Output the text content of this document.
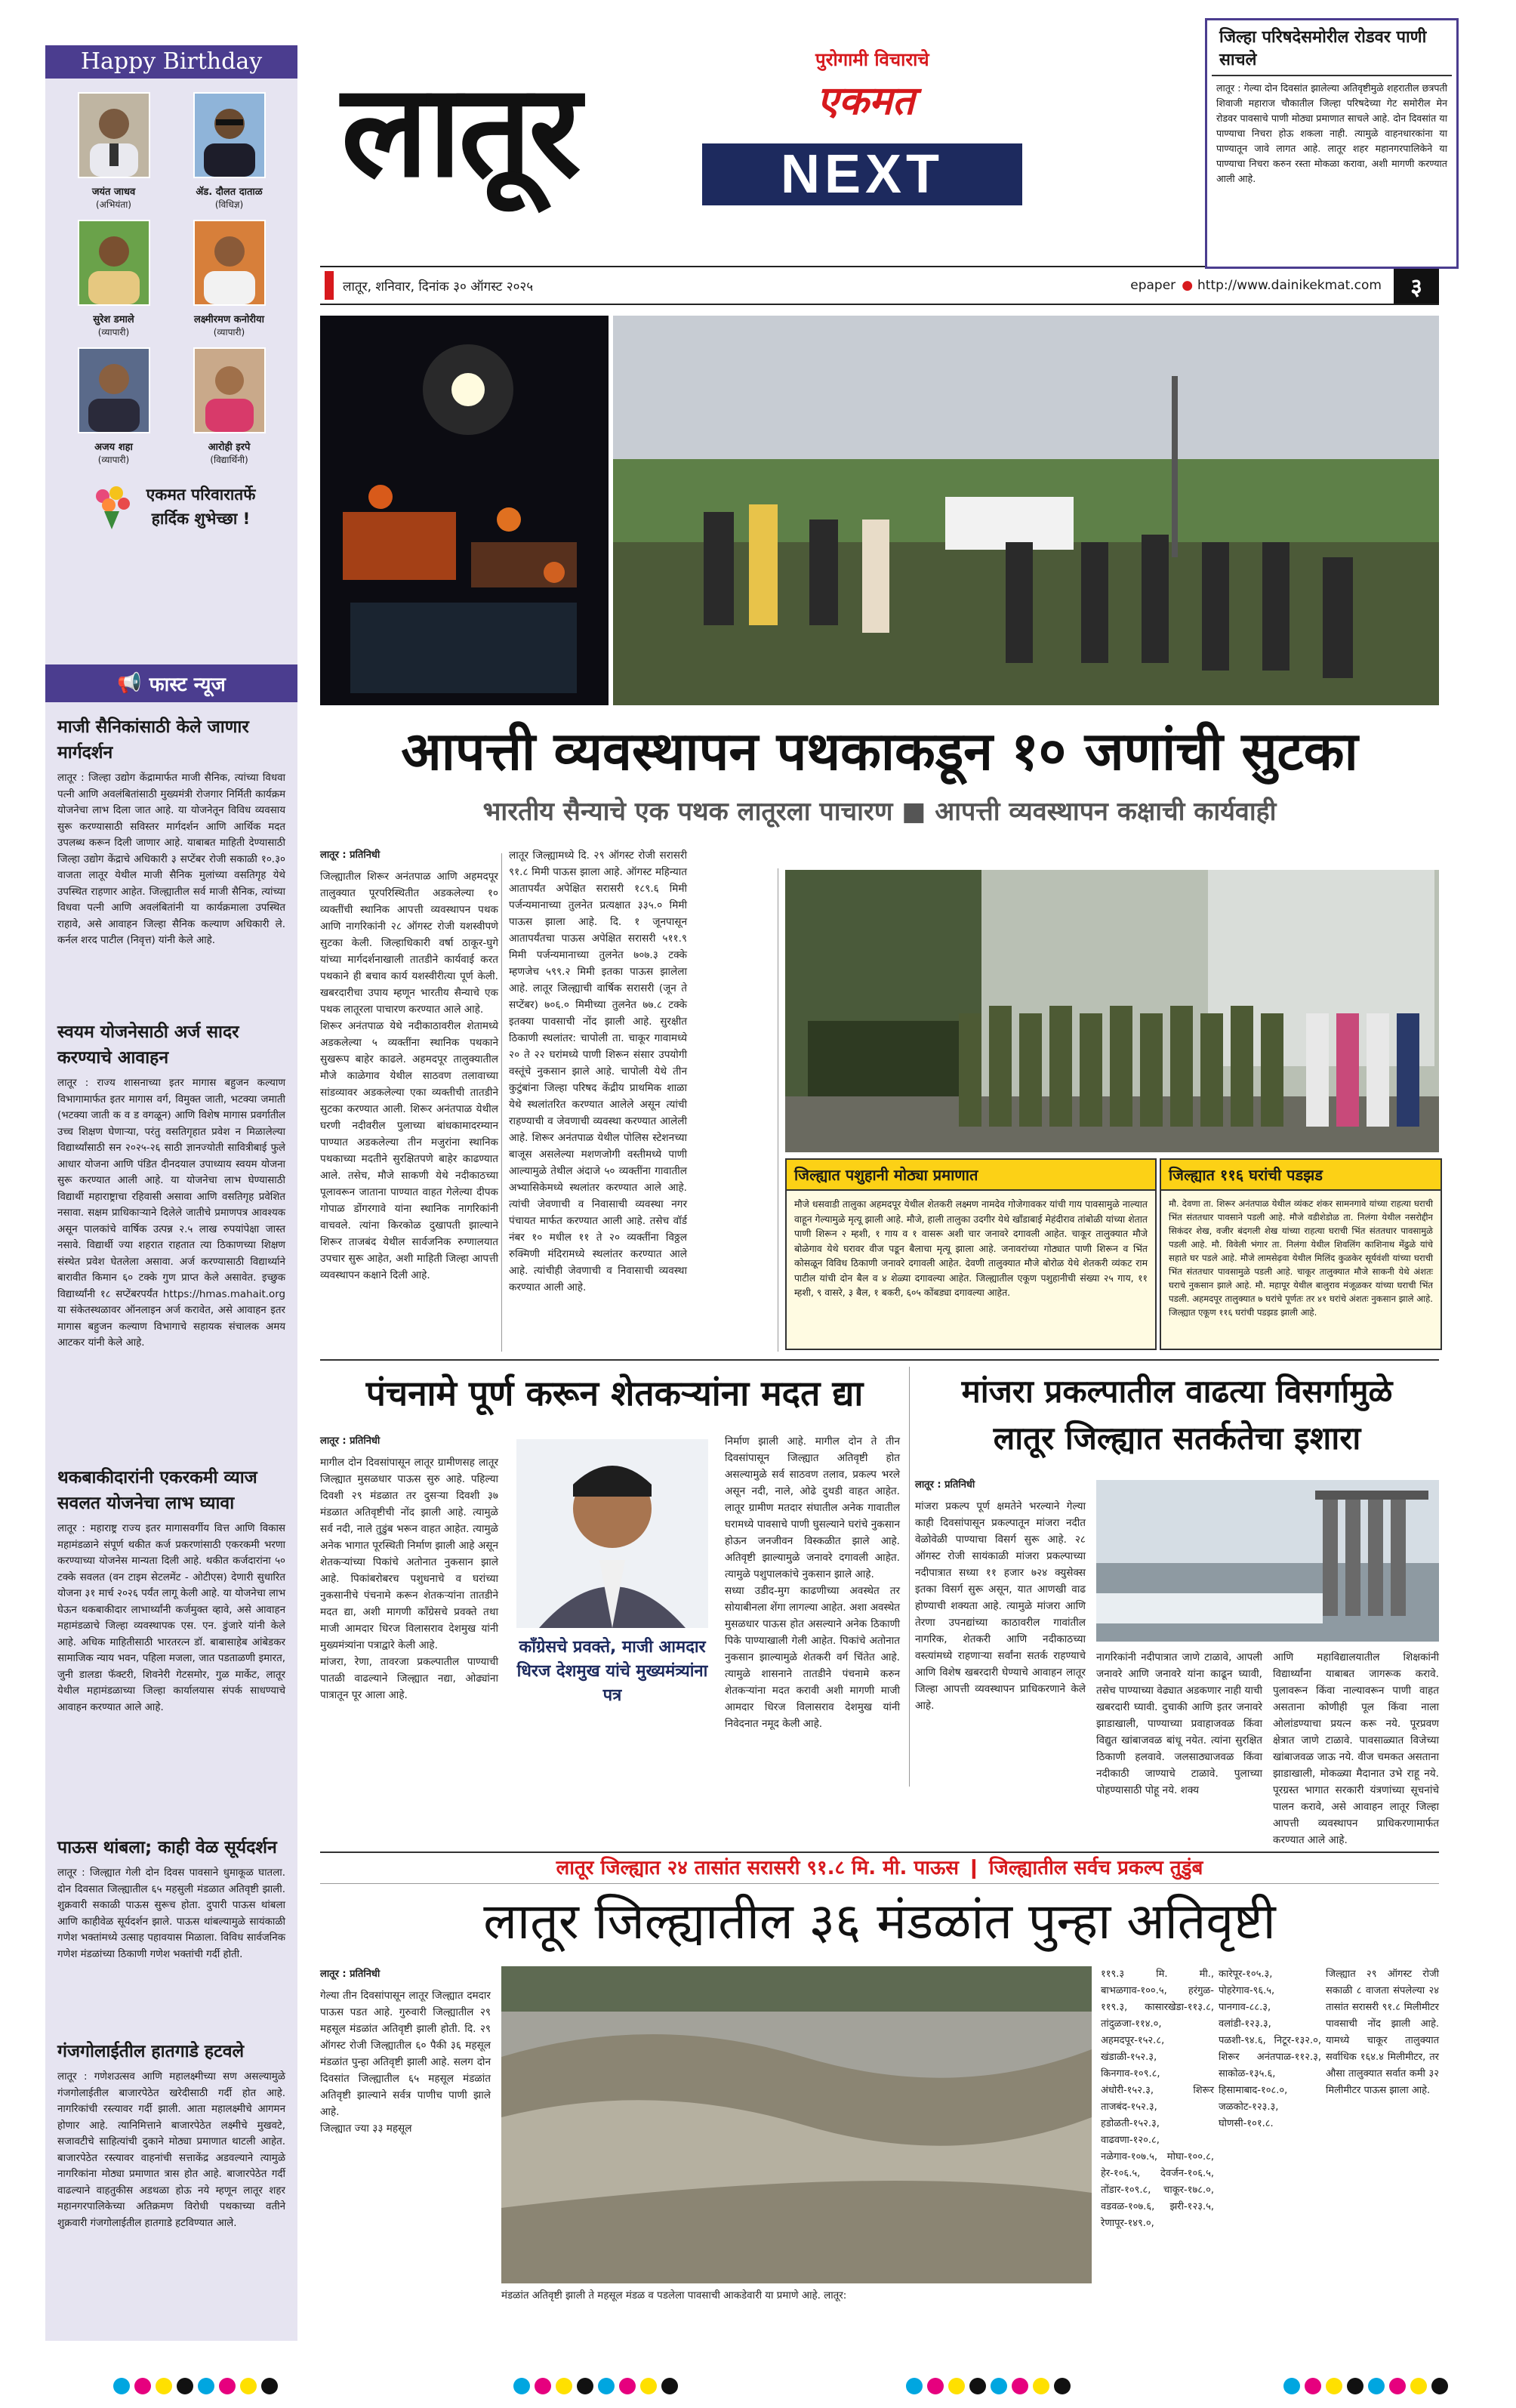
Happy Birthday
जयंत जाधव
(अभियंता)
ॲड. दौलत दाताळ
(विधिज्ञ)
सुरेश डमाले
(व्यापारी)
लक्ष्मीरमण कनोरीया
(व्यापारी)
अजय शहा
(व्यापारी)
आरोही इरपे
(विद्यार्थिनी)
एकमत परिवारातर्फे
हार्दिक शुभेच्छा !
📢 फास्ट न्यूज
माजी सैनिकांसाठी केले जाणार मार्गदर्शन
लातूर : जिल्हा उद्योग केंद्रामार्फत माजी सैनिक, त्यांच्या विधवा पत्नी आणि अवलंबितांसाठी मुख्यमंत्री रोजगार निर्मिती कार्यक्रम योजनेचा लाभ दिला जात आहे. या योजनेतून विविध व्यवसाय सुरू करण्यासाठी सविस्तर मार्गदर्शन आणि आर्थिक मदत उपलब्ध करून दिली जाणार आहे. याबाबत माहिती देण्यासाठी जिल्हा उद्योग केंद्राचे अधिकारी ३ सप्टेंबर रोजी सकाळी १०.३० वाजता लातूर येथील माजी सैनिक मुलांच्या वसतिगृह येथे उपस्थित राहणार आहेत. जिल्ह्यातील सर्व माजी सैनिक, त्यांच्या विधवा पत्नी आणि अवलंबितांनी या कार्यक्रमाला उपस्थित राहावे, असे आवाहन जिल्हा सैनिक कल्याण अधिकारी ले. कर्नल शरद पाटील (निवृत्त) यांनी केले आहे.
स्वयम योजनेसाठी अर्ज सादर करण्याचे आवाहन
लातूर : राज्य शासनाच्या इतर मागास बहुजन कल्याण विभागामार्फत इतर मागास वर्ग, विमुक्त जाती, भटक्या जमाती (भटक्या जाती क व ड वगळून) आणि विशेष मागास प्रवर्गातील उच्च शिक्षण घेणाऱ्या, परंतु वसतिगृहात प्रवेश न मिळालेल्या विद्यार्थ्यांसाठी सन २०२५-२६ साठी ज्ञानज्योती सावित्रीबाई फुले आधार योजना आणि पंडित दीनदयाल उपाध्याय स्वयम योजना सुरू करण्यात आली आहे. या योजनेचा लाभ घेण्यासाठी विद्यार्थी महाराष्ट्राचा रहिवासी असावा आणि वसतिगृह प्रवेशित नसावा. सक्षम प्राधिकाऱ्याने दिलेले जातीचे प्रमाणपत्र आवश्यक असून पालकांचे वार्षिक उत्पन्न २.५ लाख रुपयांपेक्षा जास्त नसावे. विद्यार्थी ज्या शहरात राहतात त्या ठिकाणच्या शिक्षण संस्थेत प्रवेश घेतलेला असावा. अर्ज करण्यासाठी विद्यार्थ्याने बारावीत किमान ६० टक्के गुण प्राप्त केले असावेत. इच्छुक विद्यार्थ्यांनी १८ सप्टेंबरपर्यंत https://hmas.mahait.org या संकेतस्थळावर ऑनलाइन अर्ज करावेत, असे आवाहन इतर मागास बहुजन कल्याण विभागाचे सहायक संचालक अमय आटकर यांनी केले आहे.
थकबाकीदारांनी एकरकमी व्याज सवलत योजनेचा लाभ घ्यावा
लातूर : महाराष्ट्र राज्य इतर मागासवर्गीय वित्त आणि विकास महामंडळाने संपूर्ण थकीत कर्ज प्रकरणांसाठी एकरकमी भरणा करण्याच्या योजनेस मान्यता दिली आहे. थकीत कर्जदारांना ५० टक्के सवलत (वन टाइम सेटलमेंट - ओटीएस) देणारी सुधारित योजना ३१ मार्च २०२६ पर्यंत लागू केली आहे. या योजनेचा लाभ घेऊन थकबाकीदार लाभार्थ्यांनी कर्जमुक्त व्हावे, असे आवाहन महामंडळाचे जिल्हा व्यवस्थापक एस. एन. डुंजारे यांनी केले आहे. अधिक माहितीसाठी भारतरत्न डॉ. बाबासाहेब आंबेडकर सामाजिक न्याय भवन, पहिला मजला, जात पडताळणी इमारत, जुनी डालडा फॅक्टरी, शिवनेरी गेटसमोर, गुळ मार्केट, लातूर येथील महामंडळाच्या जिल्हा कार्यालयास संपर्क साधण्याचे आवाहन करण्यात आले आहे.
पाऊस थांबला; काही वेळ सूर्यदर्शन
लातूर : जिल्ह्यात गेली दोन दिवस पावसाने धुमाकूळ घातला. दोन दिवसात जिल्ह्यातील ६५ महसुली मंडळात अतिवृष्टी झाली. शुक्रवारी सकाळी पाऊस सुरूच होता. दुपारी पाऊस थांबला आणि काहीवेळ सूर्यदर्शन झाले. पाऊस थांबल्यामुळे सायंकाळी गणेश भक्तांमध्ये उत्साह पहावयास मिळाला. विविध सार्वजनिक गणेश मंडळांच्या ठिकाणी गणेश भक्तांची गर्दी होती.
गंजगोलाईतील हातगाडे हटवले
लातूर : गणेशउत्सव आणि महालक्ष्मीच्या सण असल्यामुळे गंजगोलाईतील बाजारपेठेत खरेदीसाठी गर्दी होत आहे. नागरिकांची रस्त्यावर गर्दी झाली. आता महालक्ष्मीचे आगमन होणार आहे. त्यानिमित्ताने बाजारपेठेत लक्ष्मीचे मुखवटे, सजावटीचे साहित्यांची दुकाने मोठ्या प्रमाणात थाटली आहेत. बाजारपेठेत रस्त्यावर वाहनांची सत्ताकेंद्र अडवल्याने त्यामुळे नागरिकांना मोठ्या प्रमाणात त्रास होत आहे. बाजारपेठेत गर्दी वाढल्याने वाहतुकीस अडथळा होऊ नये म्हणून लातूर शहर महानगरपालिकेच्या अतिक्रमण विरोधी पथकाच्या वतीने शुक्रवारी गंजगोलाईतील हातगाडे हटविण्यात आले.
लातूर	पुरोगामी विचाराचे
एकमत
NEXT
लातूर, शनिवार, दिनांक ३० ऑगस्ट २०२५	epaper ● http://www.dainikekmat.com	३
जिल्हा परिषदेसमोरील रोडवर पाणी साचले
लातूर : गेल्या दोन दिवसांत झालेल्या अतिवृष्टीमुळे शहरातील छत्रपती शिवाजी महाराज चौकातील जिल्हा परिषदेच्या गेट समोरील मेन रोडवर पावसाचे पाणी मोठ्या प्रमाणात साचले आहे. दोन दिवसांत या पाण्याचा निचरा होऊ शकला नाही. त्यामुळे वाहनधारकांना या पाण्यातून जावे लागत आहे. लातूर शहर महानगरपालिकेने या पाण्याचा निचरा करुन रस्ता मोकळा करावा, अशी मागणी करण्यात आली आहे.
आपत्ती व्यवस्थापन पथकाकडून १० जणांची सुटका
भारतीय सैन्याचे एक पथक लातूरला पाचारण ■ आपत्ती व्यवस्थापन कक्षाची कार्यवाही
लातूर : प्रतिनिधी
जिल्ह्यातील शिरूर अनंतपाळ आणि अहमदपूर तालुक्यात पूरपरिस्थितीत अडकलेल्या १० व्यक्तींची स्थानिक आपत्ती व्यवस्थापन पथक आणि नागरिकांनी २८ ऑगस्ट रोजी यशस्वीपणे सुटका केली. जिल्हाधिकारी वर्षा ठाकूर-घुगे यांच्या मार्गदर्शनाखाली तातडीने कार्यवाई करत पथकाने ही बचाव कार्य यशस्वीरीत्या पूर्ण केली. खबरदारीचा उपाय म्हणून भारतीय सैन्याचे एक पथक लातूरला पाचारण करण्यात आले आहे.
शिरूर अनंतपाळ येथे नदीकाठावरील शेतामध्ये अडकलेल्या ५ व्यक्तींना स्थानिक पथकाने सुखरूप बाहेर काढले. अहमदपूर तालुक्यातील मौजे काळेगाव येथील साठवण तलावाच्या सांडव्यावर अडकलेल्या एका व्यक्तीची तातडीने सुटका करण्यात आली. शिरूर अनंतपाळ येथील घरणी नदीवरील पुलाच्या बांधकामादरम्यान पाण्यात अडकलेल्या तीन मजुरांना स्थानिक पथकाच्या मदतीने सुरक्षितपणे बाहेर काढण्यात आले. तसेच, मौजे साकणी येथे नदीकाठच्या पूलावरून जाताना पाण्यात वाहत गेलेल्या दीपक गोपाळ डोंगरगावे यांना स्थानिक नागरिकांनी वाचवले. त्यांना किरकोळ दुखापती झाल्याने शिरूर ताजबंद येथील सार्वजनिक रुग्णालयात उपचार सुरू आहेत, अशी माहिती जिल्हा आपत्ती व्यवस्थापन कक्षाने दिली आहे.
लातूर जिल्ह्यामध्ये दि. २९ ऑगस्ट रोजी सरासरी ९१.८ मिमी पाऊस झाला आहे. ऑगस्ट महिन्यात आतापर्यंत अपेक्षित सरासरी १८९.६ मिमी पर्जन्यमानाच्या तुलनेत प्रत्यक्षात ३३५.० मिमी पाऊस झाला आहे. दि. १ जूनपासून आतापर्यंतचा पाऊस अपेक्षित सरासरी ५११.९ मिमी पर्जन्यमानाच्या तुलनेत ७०७.३ टक्के म्हणजेच ५९९.२ मिमी इतका पाऊस झालेला आहे. लातूर जिल्ह्याची वार्षिक सरासरी (जून ते सप्टेंबर) ७०६.० मिमीच्या तुलनेत ७७.८ टक्के इतक्या पावसाची नोंद झाली आहे. सुरक्षीत ठिकाणी स्थलांतर: चापोली ता. चाकूर गावामध्ये २० ते २२ घरांमध्ये पाणी शिरून संसार उपयोगी वस्तूंचे नुकसान झाले आहे. चापोली येथे तीन कुटुंबांना जिल्हा परिषद केंद्रीय प्राथमिक शाळा येथे स्थलांतरित करण्यात आलेले असून त्यांची राहण्याची व जेवणाची व्यवस्था करण्यात आलेली आहे. शिरूर अनंतपाळ येथील पोलिस स्टेशनच्या बाजूस असलेल्या मशणजोगी वस्तीमध्ये पाणी आल्यामुळे तेथील अंदाजे ५० व्यक्तींना गावातील अभ्यासिकेमध्ये स्थलांतर करण्यात आले आहे. त्यांची जेवणाची व निवासाची व्यवस्था नगर पंचायत मार्फत करण्यात आली आहे. तसेच वॉर्ड नंबर १० मधील ११ ते २० व्यक्तींना विठ्ठल रुक्मिणी मंदिरामध्ये स्थलांतर करण्यात आले आहे. त्यांचीही जेवणाची व निवासाची व्यवस्था करण्यात आली आहे.
जिल्ह्यात पशुहानी मोठ्या प्रमाणात
मौजे धसवाडी तालुका अहमदपूर येथील शेतकरी लक्ष्मण नामदेव गोजेगावकर यांची गाय पावसामुळे नाल्यात वाहून गेल्यामुळे मृत्यू झाली आहे. मौजे, हाली तालुका उदगीर येथे खाँडाबाई मेहंदीराव तांबोळी यांच्या शेतात पाणी शिरून २ म्हशी, १ गाय व १ वासरू अशी चार जनावरे दगावली आहेत. चाकूर तालुक्यात मौजे बोळेगाव येथे घरावर वीज पडून बैलाचा मृत्यू झाला आहे. जनावरांच्या गोठ्यात पाणी शिरून व भिंत कोसळून विविध ठिकाणी जनावरे दगावली आहेत. देवणी तालुक्यात मौजे बोरोळ येथे शेतकरी व्यंकट राम पाटील यांची दोन बैल व ४ शेळ्या दगावल्या आहेत. जिल्ह्यातील एकूण पशुहानीची संख्या २५ गाय, ११ म्हशी, ९ वासरे, ३ बैल, १ बकरी, ६०५ कोंबड्या दगावल्या आहेत.
जिल्ह्यात ११६ घरांची पडझड
मौ. देवणा ता. शिरूर अनंतपाळ येथील व्यंकट शंकर सामनगावे यांच्या राहत्या घराची भिंत संततधार पावसाने पडली आहे. मौजे वडीशेडोळ ता. निलंगा येथील नसरोद्दीन सिकंदर शेख, वजीर बंदगली शेख यांच्या राहत्या घराची भिंत संततधार पावसामुळे पडली आहे. मौ. विवेली भंगार ता. निलंगा येथील शिवलिंग काशिनाथ मेंढुळे यांचे सहाते घर पडले आहे. मौजे लामसेढ़वा येथील मिलिंद कुळकेर सूर्यवंशी यांच्या घराची भिंत संततधार पावसामुळे पडली आहे. चाकूर तालुक्यात मौजे साकनी येथे अंशतः घराचे नुकसान झाले आहे. मौ. महापूर येथील बालुराव मंजूळकर यांच्या घराची भिंत पडली. अहमदपूर तालुक्यात ७ घरांचे पूर्णतः तर ४१ घरांचे अंशतः नुकसान झाले आहे. जिल्ह्यात एकूण ११६ घरांची पडझड झाली आहे.
पंचनामे पूर्ण करून शेतकऱ्यांना मदत द्या
लातूर : प्रतिनिधी
मागील दोन दिवसांपासून लातूर ग्रामीणसह लातूर जिल्ह्यात मुसळधार पाऊस सुरु आहे. पहिल्या दिवशी २९ मंडळात तर दुसऱ्या दिवशी ३७ मंडळात अतिवृष्टीची नोंद झाली आहे. त्यामुळे सर्व नदी, नाले तुडुंब भरून वाहत आहेत. त्यामुळे अनेक भागात पूरस्थिती निर्माण झाली आहे असून शेतकऱ्यांच्या पिकांचे अतोनात नुकसान झाले आहे. पिकांबरोबरच पशुधनाचे व घरांच्या नुकसानीचे पंचनामे करून शेतकऱ्यांना तातडीने मदत द्या, अशी मागणी काँग्रेसचे प्रवक्ते तथा माजी आमदार धिरज विलासराव देशमुख यांनी मुख्यमंत्र्यांना पत्राद्वारे केली आहे.
मांजरा, रेणा, तावरजा प्रकल्पातील पाण्याची पातळी वाढल्याने जिल्ह्यात नद्या, ओढ्यांना पात्रातून पूर आला आहे.
काँग्रेसचे प्रवक्ते, माजी आमदार धिरज देशमुख यांचे मुख्यमंत्र्यांना पत्र
निर्माण झाली आहे. मागील दोन ते तीन दिवसांपासून जिल्ह्यात अतिवृष्टी होत असल्यामुळे सर्व साठवण तलाव, प्रकल्प भरले असून नदी, नाले, ओढे दुथडी वाहत आहेत. लातूर ग्रामीण मतदार संघातील अनेक गावातील घरामध्ये पावसाचे पाणी घुसल्याने घरांचे नुकसान होऊन जनजीवन विस्कळीत झाले आहे. अतिवृष्टी झाल्यामुळे जनावरे दगावली आहेत. त्यामुळे पशुपालकांचे नुकसान झाले आहे.
सध्या उडीद-मुग काढणीच्या अवस्थेत तर सोयाबीनला शेंगा लागल्या आहेत. अशा अवस्थेत मुसळधार पाऊस होत असल्याने अनेक ठिकाणी पिके पाण्याखाली गेली आहेत. पिकांचे अतोनात नुकसान झाल्यामुळे शेतकरी वर्ग चिंतेत आहे. त्यामुळे शासनाने तातडीने पंचनामे करुन शेतकऱ्यांना मदत करावी अशी मागणी माजी आमदार धिरज विलासराव देशमुख यांनी निवेदनात नमूद केली आहे.
मांजरा प्रकल्पातील वाढत्या विसर्गामुळे
लातूर जिल्ह्यात सतर्कतेचा इशारा
लातूर : प्रतिनिधी
मांजरा प्रकल्प पूर्ण क्षमतेने भरल्याने गेल्या काही दिवसांपासून प्रकल्पातून मांजरा नदीत वेळोवेळी पाण्याचा विसर्ग सुरू आहे. २८ ऑगस्ट रोजी सायंकाळी मांजरा प्रकल्पाच्या नदीपात्रात सध्या ११ हजार ७२४ क्युसेक्स इतका विसर्ग सुरू असून, यात आणखी वाढ होण्याची शक्यता आहे. त्यामुळे मांजरा आणि तेरणा उपनद्यांच्या काठावरील गावांतील नागरिक, शेतकरी आणि नदीकाठच्या वस्त्यांमध्ये राहणाऱ्या सर्वांना सतर्क राहण्याचे आणि विशेष खबरदारी घेण्याचे आवाहन लातूर जिल्हा आपत्ती व्यवस्थापन प्राधिकरणाने केले आहे.
नागरिकांनी नदीपात्रात जाणे टाळावे, आपली जनावरे आणि जनावरे यांना काढून घ्यावी, तसेच पाण्याच्या वेढ्यात अडकणार नाही याची खबरदारी घ्यावी. दुचाकी आणि इतर जनावरे झाडाखाली, पाण्याच्या प्रवाहाजवळ किंवा विद्युत खांबाजवळ बांधू नयेत. त्यांना सुरक्षित ठिकाणी हलवावे. जलसाठ्याजवळ किंवा नदीकाठी जाण्याचे टाळावे. पुलाच्या पोहण्यासाठी पोहू नये. शक्य
आणि महाविद्यालयातील शिक्षकांनी विद्यार्थ्यांना याबाबत जागरूक करावे. पुलावरून किंवा नाल्यावरून पाणी वाहत असताना कोणीही पूल किंवा नाला ओलांडण्याचा प्रयत्न करू नये. पूरप्रवण क्षेत्रात जाणे टाळावे. पावसाळ्यात विजेच्या खांबाजवळ जाऊ नये. वीज चमकत असताना झाडाखाली, मोकळ्या मैदानात उभे राहू नये. पूरग्रस्त भागात सरकारी यंत्रणांच्या सूचनांचे पालन करावे, असे आवाहन लातूर जिल्हा आपत्ती व्यवस्थापन प्राधिकरणामार्फत करण्यात आले आहे.
लातूर जिल्ह्यात २४ तासांत सरासरी ९१.८ मि. मी. पाऊस ❙ जिल्ह्यातील सर्वच प्रकल्प तुडुंब
लातूर जिल्ह्यातील ३६ मंडळांत पुन्हा अतिवृष्टी
लातूर : प्रतिनिधी
गेल्या तीन दिवसांपासून लातूर जिल्ह्यात दमदार पाऊस पडत आहे. गुरुवारी जिल्ह्यातील २९ महसूल मंडळांत अतिवृष्टी झाली होती. दि. २९ ऑगस्ट रोजी जिल्ह्यातील ६० पैकी ३६ महसूल मंडळांत पुन्हा अतिवृष्टी झाली आहे. सलग दोन दिवसांत जिल्ह्यातील ६५ महसूल मंडळांत अतिवृष्टी झाल्याने सर्वत्र पाणीच पाणी झाले आहे.
जिल्ह्यात ज्या ३३ महसूल
मंडळांत अतिवृष्टी झाली ते महसूल मंडळ व पडलेला पावसाची आकडेवारी या प्रमाणे आहे. लातूर:
११९.३ मि. मी., बाभळगाव-१००.५, हरंगुळ- ११९.३, कासारखेडा-११३.८, तांदुळजा-११४.०, अहमदपूर-१५२.८, खंडाळी-१५२.३, किनगाव-१०९.८, अंधोरी-१५२.३, शिरूर ताजबंद-१५२.३, हडोळती-१५२.३, वाढवणा-१२०.८, नळेगाव-१०७.५, मोघा-१००.८, हेर-१०६.५, देवर्जन-१०६.५, तोंडार-१०९.८, चाकूर-१७८.०, वडवळ-१०७.६, झरी-१२३.५, रेणापूर-१४९.०,
कारेपूर-१०५.३, पोहरेगाव-९६.५, पानगाव-८८.३, वलांडी-१२३.३, पळशी-९४.६, निटूर-१३२.०, शिरूर अनंतपाळ-११२.३, साकोळ-१३५.६, हिसामाबाद-१०८.०, जळकोट-१२३.३, घोणसी-१०१.८.
जिल्ह्यात २९ ऑगस्ट रोजी सकाळी ८ वाजता संपलेल्या २४ तासांत सरासरी ९१.८ मिलीमीटर पावसाची नोंद झाली आहे. यामध्ये चाकूर तालुक्यात सर्वाधिक १६४.४ मिलीमीटर, तर औसा तालुक्यात सर्वात कमी ३२ मिलीमीटर पाऊस झाला आहे.
